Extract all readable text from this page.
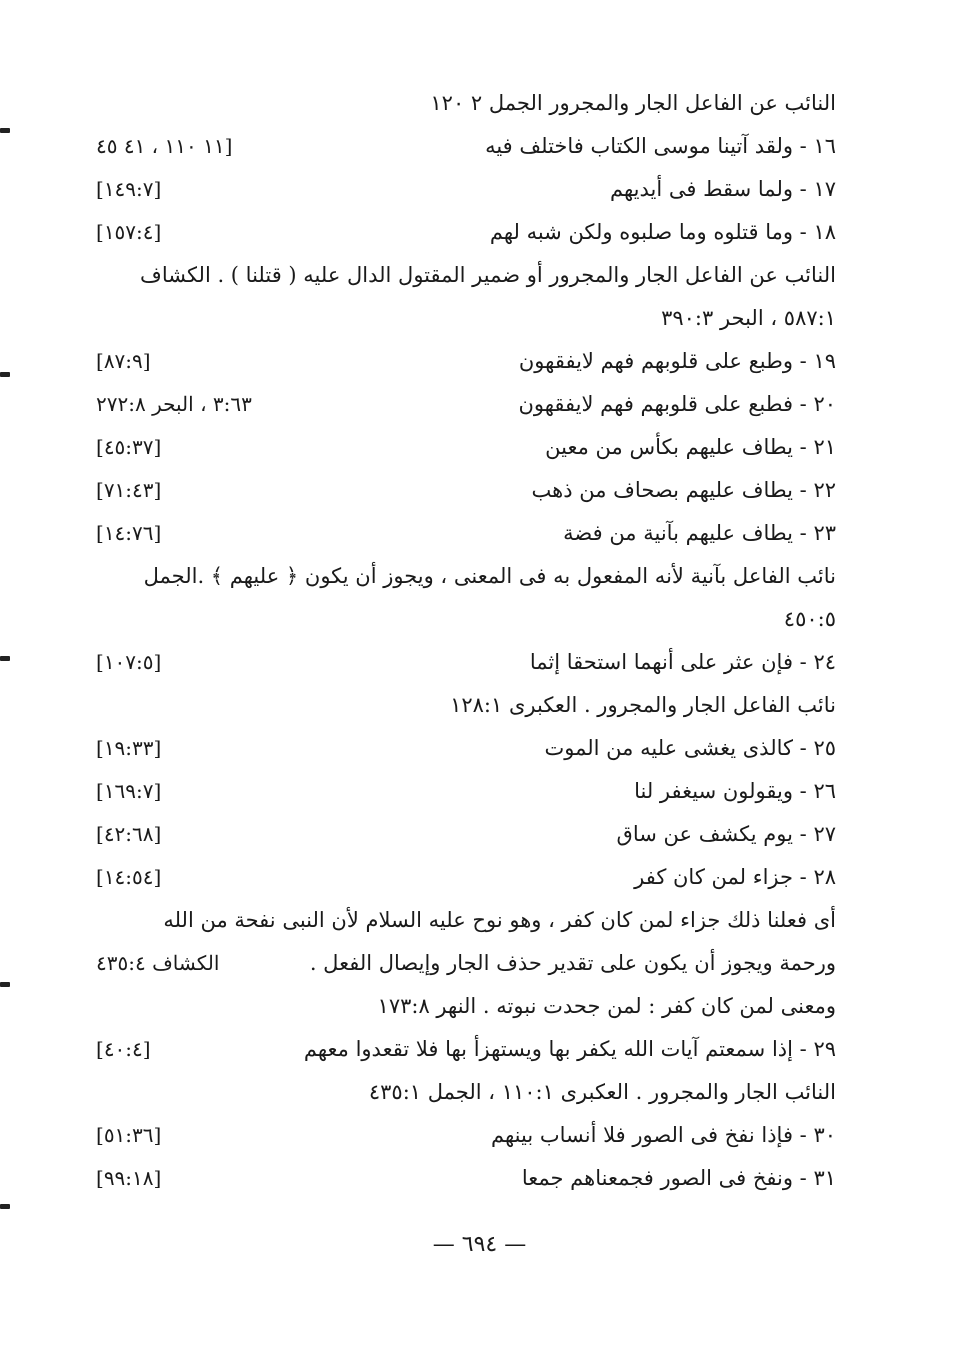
النائب عن الفاعل الجار والمجرور الجمل ٢ ١٢٠
١٦ - ولقد آتينا موسى الكتاب فاختلف فيه
[١١ ١١٠ ، ٤١ ٤٥
١٧ - ولما سقط فى أيديهم
[١٤٩:٧]
١٨ - وما قتلوه وما صلبوه ولكن شبه لهم
[١٥٧:٤]
النائب عن الفاعل الجار والمجرور أو ضمير المقتول الدال عليه ( قتلنا ) . الكشاف
٥٨٧:١ ، البحر ٣٩٠:٣
١٩ - وطبع على قلوبهم فهم لايفقهون
[٨٧:٩]
٢٠ - فطبع على قلوبهم فهم لايفقهون
٣:٦٣ ، البحر ٢٧٢:٨
٢١ - يطاف عليهم بكأس من معين
[٤٥:٣٧]
٢٢ - يطاف عليهم بصحاف من ذهب
[٧١:٤٣]
٢٣ - يطاف عليهم بآنية من فضة
[١٤:٧٦]
نائب الفاعل بآنية لأنه المفعول به فى المعنى ، ويجوز أن يكون ﴿ عليهم ﴾ .الجمل
٤٥٠:٥
٢٤ - فإن عثر على أنهما استحقا إثما
[١٠٧:٥]
نائب الفاعل الجار والمجرور . العكبرى ١٢٨:١
٢٥ - كالذى يغشى عليه من الموت
[١٩:٣٣]
٢٦ - ويقولون سيغفر لنا
[١٦٩:٧]
٢٧ - يوم يكشف عن ساق
[٤٢:٦٨]
٢٨ - جزاء لمن كان كفر
[١٤:٥٤]
أى فعلنا ذلك جزاء لمن كان كفر ، وهو نوح عليه السلام لأن النبى نفحة من الله
ورحمة ويجوز أن يكون على تقدير حذف الجار وإيصال الفعل .
الكشاف ٤٣٥:٤
ومعنى لمن كان كفر : لمن جحدت نبوته . النهر ١٧٣:٨
٢٩ - إذا سمعتم آيات الله يكفر بها ويستهزأ بها فلا تقعدوا معهم
[٤٠:٤]
النائب الجار والمجرور . العكبرى ١١٠:١ ، الجمل ٤٣٥:١
٣٠ - فإذا نفخ فى الصور فلا أنساب بينهم
[٥١:٣٦]
٣١ - ونفخ فى الصور فجمعناهم جمعا
[٩٩:١٨]
— ٦٩٤ —
